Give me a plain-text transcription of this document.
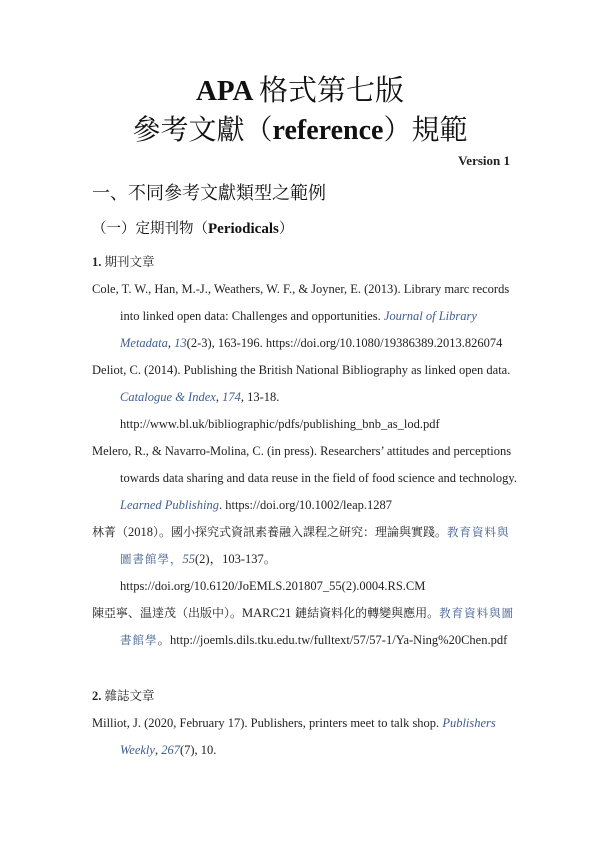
APA 格式第七版
參考文獻（reference）規範
Version 1
一、不同參考文獻類型之範例
（一）定期刊物（Periodicals）
1. 期刊文章
Cole, T. W., Han, M.-J., Weathers, W. F., & Joyner, E. (2013). Library marc records
into linked open data: Challenges and opportunities. Journal of Library
Metadata, 13(2-3), 163-196. https://doi.org/10.1080/19386389.2013.826074
Deliot, C. (2014). Publishing the British National Bibliography as linked open data.
Catalogue & Index, 174, 13-18.
http://www.bl.uk/bibliographic/pdfs/publishing_bnb_as_lod.pdf
Melero, R., & Navarro-Molina, C. (in press). Researchers’ attitudes and perceptions
towards data sharing and data reuse in the field of food science and technology.
Learned Publishing. https://doi.org/10.1002/leap.1287
林菁（2018）。國小探究式資訊素養融入課程之研究：理論與實踐。教育資料與
圖書館學，55(2)，103-137。
https://doi.org/10.6120/JoEMLS.201807_55(2).0004.RS.CM
陳亞寧、温達茂（出版中）。MARC21 鏈結資料化的轉變與應用。教育資料與圖
書館學。http://joemls.dils.tku.edu.tw/fulltext/57/57-1/Ya-Ning%20Chen.pdf
2. 雜誌文章
Milliot, J. (2020, February 17). Publishers, printers meet to talk shop. Publishers
Weekly, 267(7), 10.
